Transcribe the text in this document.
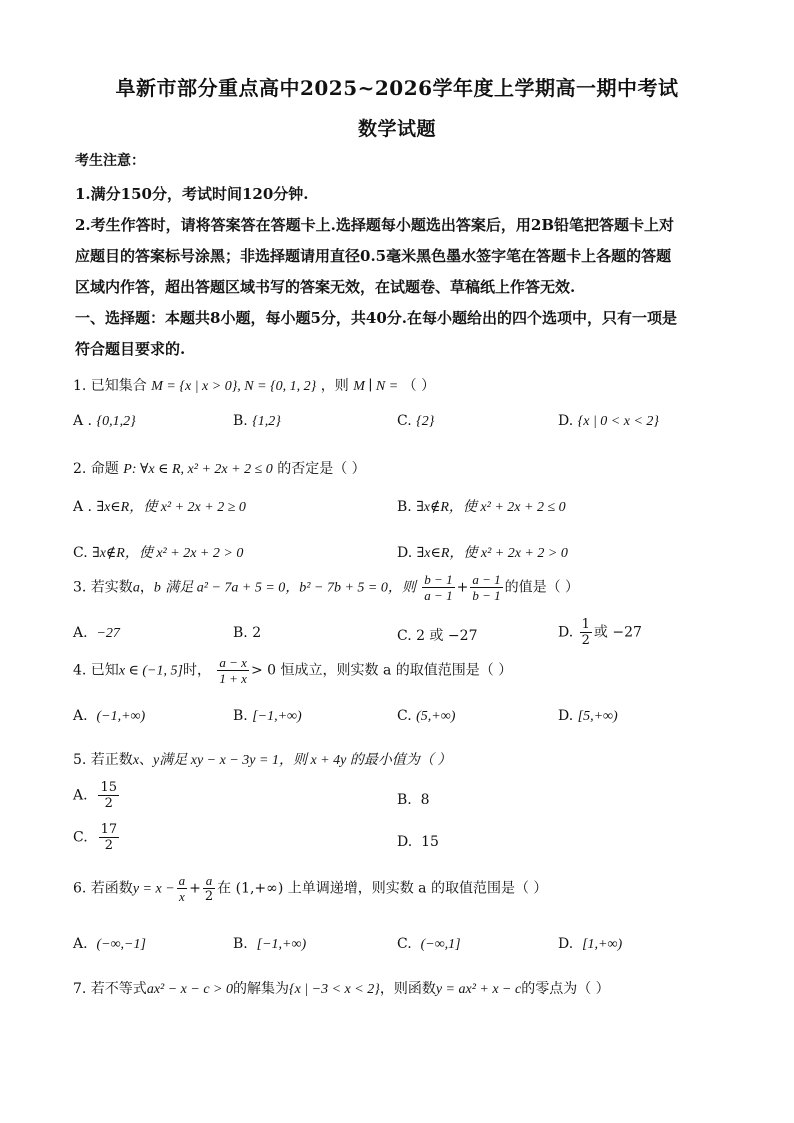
阜新市部分重点高中2025~2026学年度上学期高一期中考试
数学试题
考生注意：
1.满分150分，考试时间120分钟.
2.考生作答时，请将答案答在答题卡上.选择题每小题选出答案后，用2B铅笔把答题卡上对
应题目的答案标号涂黑；非选择题请用直径0.5毫米黑色墨水签字笔在答题卡上各题的答题
区域内作答，超出答题区域书写的答案无效，在试题卷、草稿纸上作答无效.
一、选择题：本题共8小题，每小题5分，共40分.在每小题给出的四个选项中，只有一项是
符合题目要求的.
1. 已知集合 M = {x | x > 0}, N = {0, 1, 2} ，则 M ∣ N = （ ）
A . {0,1,2}	B. {1,2}	C. {2}	D. {x | 0 < x < 2}
2. 命题 P: ∀x ∈ R, x² + 2x + 2 ≤ 0 的否定是（ ）
A . ∃x∈R，使 x² + 2x + 2 ≥ 0	B. ∃x∉R，使 x² + 2x + 2 ≤ 0
C. ∃x∉R，使 x² + 2x + 2 > 0	D. ∃x∈R，使 x² + 2x + 2 > 0
3. 若实数a，b 满足 a² − 7a + 5 = 0，b² − 7b + 5 = 0，则 $\frac{b - 1}{a - 1} + \frac{a - 1}{b - 1}$ 的值是（ ）
A. −27	B. 2	C. 2 或 −27	D. $\frac{1}{2}$ 或 −27
4. 已知x ∈ (−1, 5]时， $\frac{a - x}{1 + x} > 0$ 恒成立，则实数 a 的取值范围是（ ）
A. (−1,+∞)	B. [−1,+∞)	C. (5,+∞)	D. [5,+∞)
5. 若正数x、y满足 xy − x − 3y = 1，则 x + 4y 的最小值为（ ）
A. $\frac{15}{2}$	B. 8
C. $\frac{17}{2}$	D. 15
6. 若函数$y = x - \frac{a}{x} + \frac{a}{2}$ 在 (1,+∞) 上单调递增，则实数 a 的取值范围是（ ）
A. (−∞,−1]	B. [−1,+∞)	C. (−∞,1]	D. [1,+∞)
7. 若不等式ax² − x − c > 0的解集为{x | −3 < x < 2}，则函数y = ax² + x − c的零点为（ ）
